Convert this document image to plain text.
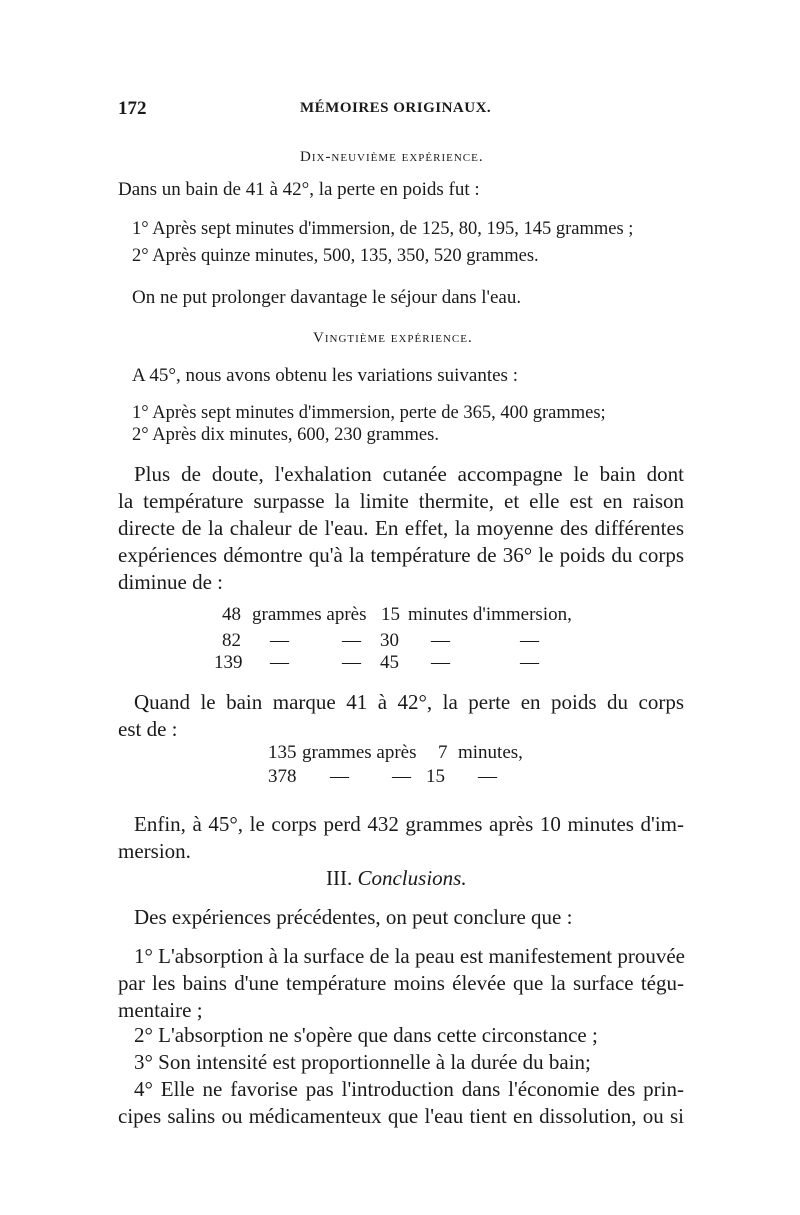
172	MÉMOIRES ORIGINAUX.
Dix-neuvième expérience.
Dans un bain de 41 à 42°, la perte en poids fut :
1° Après sept minutes d'immersion, de 125, 80, 195, 145 grammes ;
2° Après quinze minutes, 500, 135, 350, 520 grammes.
On ne put prolonger davantage le séjour dans l'eau.
Vingtième expérience.
A 45°, nous avons obtenu les variations suivantes :
1° Après sept minutes d'immersion, perte de 365, 400 grammes;
2° Après dix minutes, 600, 230 grammes.
Plus de doute, l'exhalation cutanée accompagne le bain dont
la température surpasse la limite thermite, et elle est en raison
directe de la chaleur de l'eau. En effet, la moyenne des différentes
expériences démontre qu'à la température de 36° le poids du corps
diminue de :
48 grammes après 15 minutes d'immersion,
82 —	— 30 —	—
139 —	— 45 —	—
Quand le bain marque 41 à 42°, la perte en poids du corps
est de :
135 grammes après 7 minutes,
378 — — 15 —
Enfin, à 45°, le corps perd 432 grammes après 10 minutes d'im-
mersion.
III. Conclusions.
Des expériences précédentes, on peut conclure que :
1° L'absorption à la surface de la peau est manifestement prouvée
par les bains d'une température moins élevée que la surface tégu-
mentaire ;
2° L'absorption ne s'opère que dans cette circonstance ;
3° Son intensité est proportionnelle à la durée du bain;
4° Elle ne favorise pas l'introduction dans l'économie des prin-
cipes salins ou médicamenteux que l'eau tient en dissolution, ou si
